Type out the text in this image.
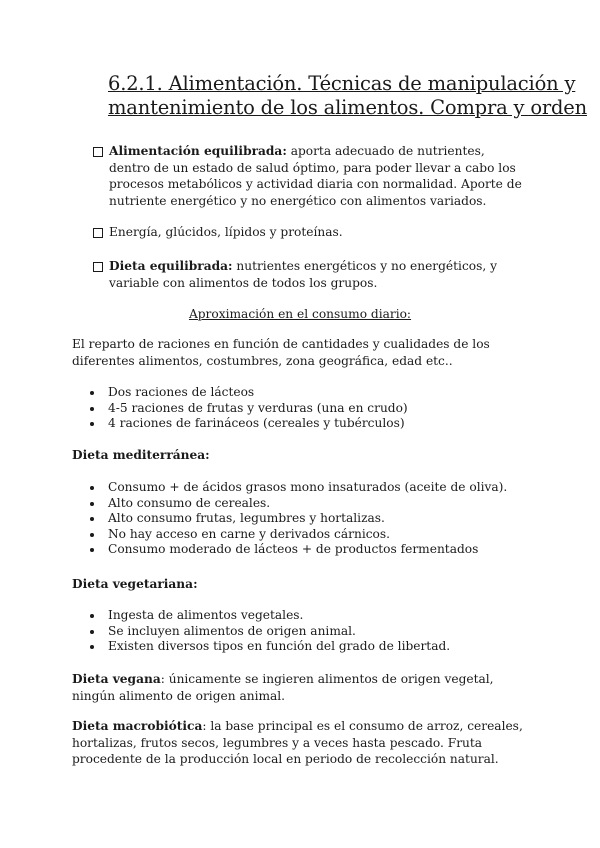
6.2.1. Alimentación. Técnicas de manipulación y
mantenimiento de los alimentos. Compra y orden
Alimentación equilibrada: aporta adecuado de nutrientes, dentro de un estado de salud óptimo, para poder llevar a cabo los procesos metabólicos y actividad diaria con normalidad. Aporte de nutriente energético y no energético con alimentos variados.
Energía, glúcidos, lípidos y proteínas.
Dieta equilibrada: nutrientes energéticos y no energéticos, y variable con alimentos de todos los grupos.
Aproximación en el consumo diario:
El reparto de raciones en función de cantidades y cualidades de los diferentes alimentos, costumbres, zona geográfica, edad etc..
Dos raciones de lácteos
4-5 raciones de frutas y verduras (una en crudo)
4 raciones de farináceos (cereales y tubérculos)
Dieta mediterránea:
Consumo + de ácidos grasos mono insaturados (aceite de oliva).
Alto consumo de cereales.
Alto consumo frutas, legumbres y hortalizas.
No hay acceso en carne y derivados cárnicos.
Consumo moderado de lácteos + de productos fermentados
Dieta vegetariana:
Ingesta de alimentos vegetales.
Se incluyen alimentos de origen animal.
Existen diversos tipos en función del grado de libertad.
Dieta vegana: únicamente se ingieren alimentos de origen vegetal, ningún alimento de origen animal.
Dieta macrobiótica: la base principal es el consumo de arroz, cereales, hortalizas, frutos secos, legumbres y a veces hasta pescado. Fruta procedente de la producción local en periodo de recolección natural.
